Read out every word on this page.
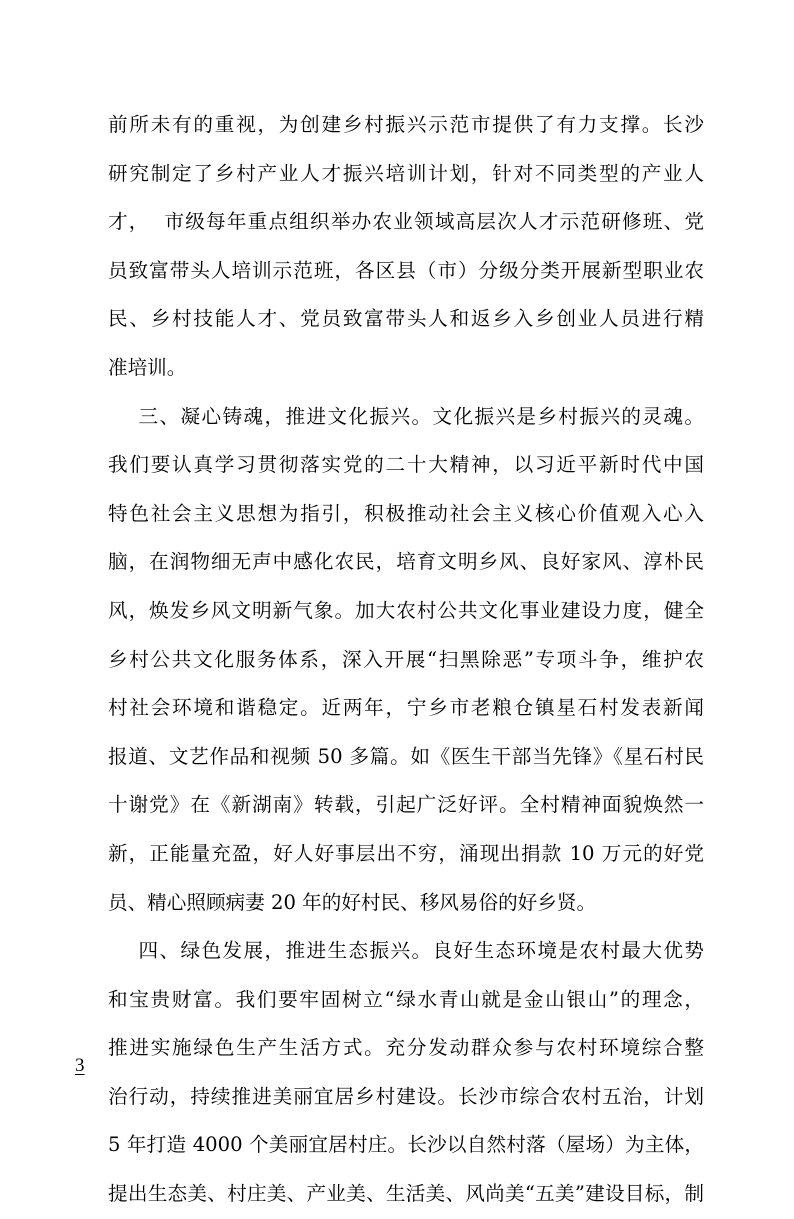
前所未有的重视，为创建乡村振兴示范市提供了有力支撑。长沙
研究制定了乡村产业人才振兴培训计划，针对不同类型的产业人
才，  市级每年重点组织举办农业领域高层次人才示范研修班、党
员致富带头人培训示范班，各区县（市）分级分类开展新型职业农
民、乡村技能人才、党员致富带头人和返乡入乡创业人员进行精
准培训。
三、凝心铸魂，推进文化振兴。文化振兴是乡村振兴的灵魂。
我们要认真学习贯彻落实党的二十大精神，以习近平新时代中国
特色社会主义思想为指引，积极推动社会主义核心价值观入心入
脑，在润物细无声中感化农民，培育文明乡风、良好家风、淳朴民
风，焕发乡风文明新气象。加大农村公共文化事业建设力度，健全
乡村公共文化服务体系，深入开展“扫黑除恶”专项斗争，维护农
村社会环境和谐稳定。近两年，宁乡市老粮仓镇星石村发表新闻
报道、文艺作品和视频 50 多篇。如《医生干部当先锋》《星石村民
十谢党》在《新湖南》转载，引起广泛好评。全村精神面貌焕然一
新，正能量充盈，好人好事层出不穷，涌现出捐款 10 万元的好党
员、精心照顾病妻 20 年的好村民、移风易俗的好乡贤。
四、绿色发展，推进生态振兴。良好生态环境是农村最大优势
和宝贵财富。我们要牢固树立“绿水青山就是金山银山”的理念，
推进实施绿色生产生活方式。充分发动群众参与农村环境综合整
治行动，持续推进美丽宜居乡村建设。长沙市综合农村五治，计划
5 年打造 4000 个美丽宜居村庄。长沙以自然村落（屋场）为主体，
提出生态美、村庄美、产业美、生活美、风尚美“五美”建设目标，制
3
